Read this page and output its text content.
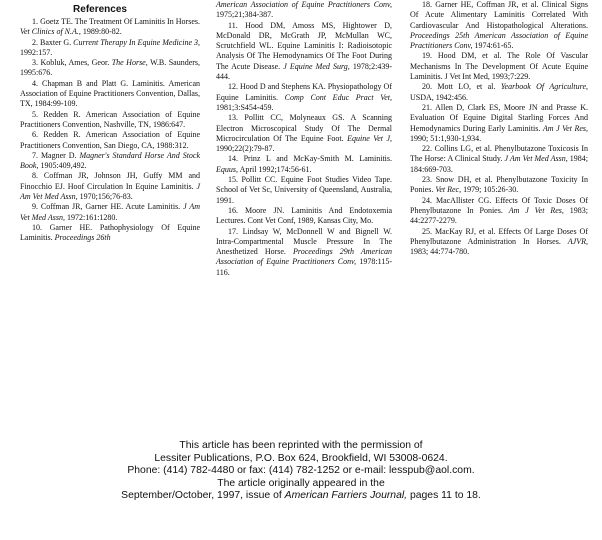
References
1. Goetz TE. The Treatment Of Laminitis In Horses. Vet Clinics of N.A., 1989:80-82.
2. Baxter G. Current Therapy In Equine Medicine 3, 1992:157.
3. Kobluk, Ames, Geor. The Horse, W.B. Saunders, 1995:676.
4. Chapman B and Platt G. Laminitis. American Association of Equine Practitioners Convention, Dallas, TX, 1984:99-109.
5. Redden R. American Association of Equine Practitioners Convention, Nashville, TN, 1986:647.
6. Redden R. American Association of Equine Practitioners Convention, San Diego, CA, 1988:312.
7. Magner D. Magner's Standard Horse And Stock Book, 1905:409,492.
8. Coffman JR, Johnson JH, Guffy MM and Finocchio EJ. Hoof Circulation In Equine Laminitis. J Am Vet Med Assn, 1970;156;76-83.
9. Coffman JR, Garner HE. Acute Laminitis. J Am Vet Med Assn, 1972:161:1280.
10. Garner HE. Pathophysiology Of Equine Laminitis. Proceedings 26th
American Association of Equine Practitioners Conv, 1975;21;384-387.
11. Hood DM, Amoss MS, Hightower D, McDonald DR, McGrath JP, McMullan WC, Scrutchfield WL. Equine Laminitis I: Radioisotopic Analysis Of The Hemodynamics Of The Foot During The Acute Disease. J Equine Med Surg, 1978;2:439-444.
12. Hood D and Stephens KA. Physiopathology Of Equine Laminitis. Comp Cont Educ Pract Vet, 1981;3:S454-459.
13. Pollitt CC, Molyneaux GS. A Scanning Electron Microscopical Study Of The Dermal Microcirculation Of The Equine Foot. Equine Vet J, 1990;22(2):79-87.
14. Prinz L and McKay-Smith M. Laminitis. Equus, April 1992;174:56-61.
15. Pollitt CC. Equine Foot Studies Video Tape. School of Vet Sc, University of Queensland, Australia, 1991.
16. Moore JN. Laminitis And Endotoxemia Lectures. Cont Vet Conf, 1989, Kansas City, Mo.
17. Lindsay W, McDonnell W and Bignell W. Intra-Compartmental Muscle Pressure In The Anesthetized Horse. Proceedings 29th American Association of Equine Practitioners Conv, 1978:115-116.
18. Garner HE, Coffman JR, et al. Clinical Signs Of Acute Alimentary Laminitis Correlated With Cardiovascular And Histopathological Alterations. Proceedings 25th American Association of Equine Practitioners Conv, 1974:61-65.
19. Hood DM, et al. The Role Of Vascular Mechanisms In The Development Of Acute Equine Laminitis. J Vet Int Med, 1993;7:229.
20. Mott LO, et al. Yearbook Of Agriculture, USDA, 1942:456.
21. Allen D, Clark ES, Moore JN and Prasse K. Evaluation Of Equine Digital Starling Forces And Hemodynamics During Early Laminitis. Am J Vet Res, 1990; 51:1,930-1,934.
22. Collins LG, et al. Phenylbutazone Toxicosis In The Horse: A Clinical Study. J Am Vet Med Assn, 1984; 184:669-703.
23. Snow DH, et al. Phenylbutazone Toxicity In Ponies. Vet Rec, 1979; 105:26-30.
24. MacAllister CG. Effects Of Toxic Doses Of Phenylbutazone In Ponies. Am J Vet Res, 1983; 44:2277-2279.
25. MacKay RJ, et al. Effects Of Large Doses Of Phenylbutazone Administration In Horses. AJVR, 1983; 44:774-780.
This article has been reprinted with the permission of
Lessiter Publications, P.O. Box 624, Brookfield, WI 53008-0624.
Phone: (414) 782-4480 or fax: (414) 782-1252 or e-mail: lesspub@aol.com.
The article originally appeared in the
September/October, 1997, issue of American Farriers Journal, pages 11 to 18.
